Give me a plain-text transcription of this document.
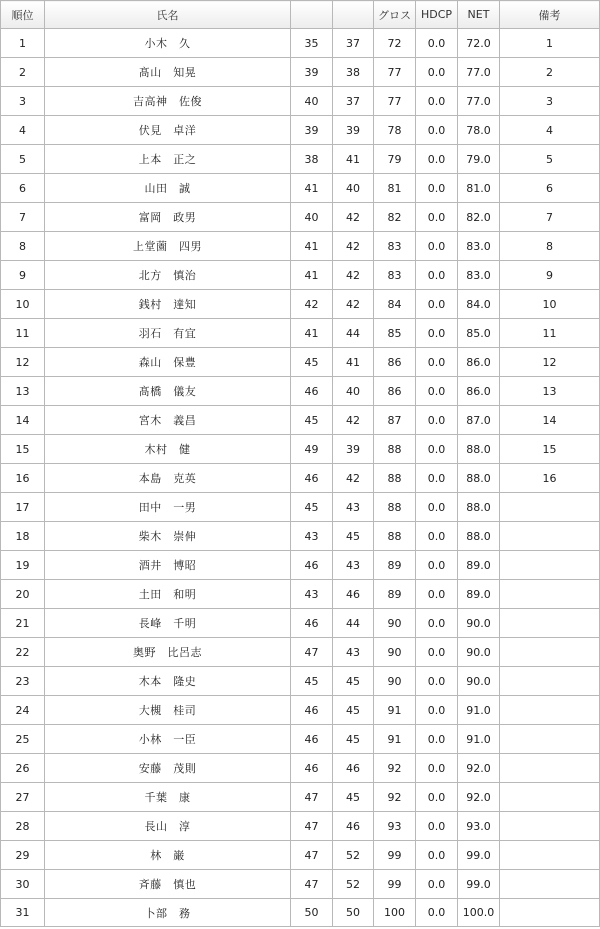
順位	氏名			グロス	HDCP	NET	備考
1	小木　久	35	37	72	0.0	72.0	1
2	髙山　知晃	39	38	77	0.0	77.0	2
3	吉高神　佐俊	40	37	77	0.0	77.0	3
4	伏見　卓洋	39	39	78	0.0	78.0	4
5	上本　正之	38	41	79	0.0	79.0	5
6	山田　誠	41	40	81	0.0	81.0	6
7	富岡　政男	40	42	82	0.0	82.0	7
8	上堂薗　四男	41	42	83	0.0	83.0	8
9	北方　慎治	41	42	83	0.0	83.0	9
10	銭村　達知	42	42	84	0.0	84.0	10
11	羽石　有宜	41	44	85	0.0	85.0	11
12	森山　保豊	45	41	86	0.0	86.0	12
13	髙橋　儀友	46	40	86	0.0	86.0	13
14	宮木　義昌	45	42	87	0.0	87.0	14
15	木村　健	49	39	88	0.0	88.0	15
16	本島　克英	46	42	88	0.0	88.0	16
17	田中　一男	45	43	88	0.0	88.0	
18	柴木　崇伸	43	45	88	0.0	88.0	
19	酒井　博昭	46	43	89	0.0	89.0	
20	土田　和明	43	46	89	0.0	89.0	
21	長峰　千明	46	44	90	0.0	90.0	
22	奥野　比呂志	47	43	90	0.0	90.0	
23	木本　隆史	45	45	90	0.0	90.0	
24	大槻　桂司	46	45	91	0.0	91.0	
25	小林　一臣	46	45	91	0.0	91.0	
26	安藤　茂則	46	46	92	0.0	92.0	
27	千葉　康	47	45	92	0.0	92.0	
28	長山　淳	47	46	93	0.0	93.0	
29	林　巌	47	52	99	0.0	99.0	
30	斉藤　慎也	47	52	99	0.0	99.0	
31	卜部　務	50	50	100	0.0	100.0	
